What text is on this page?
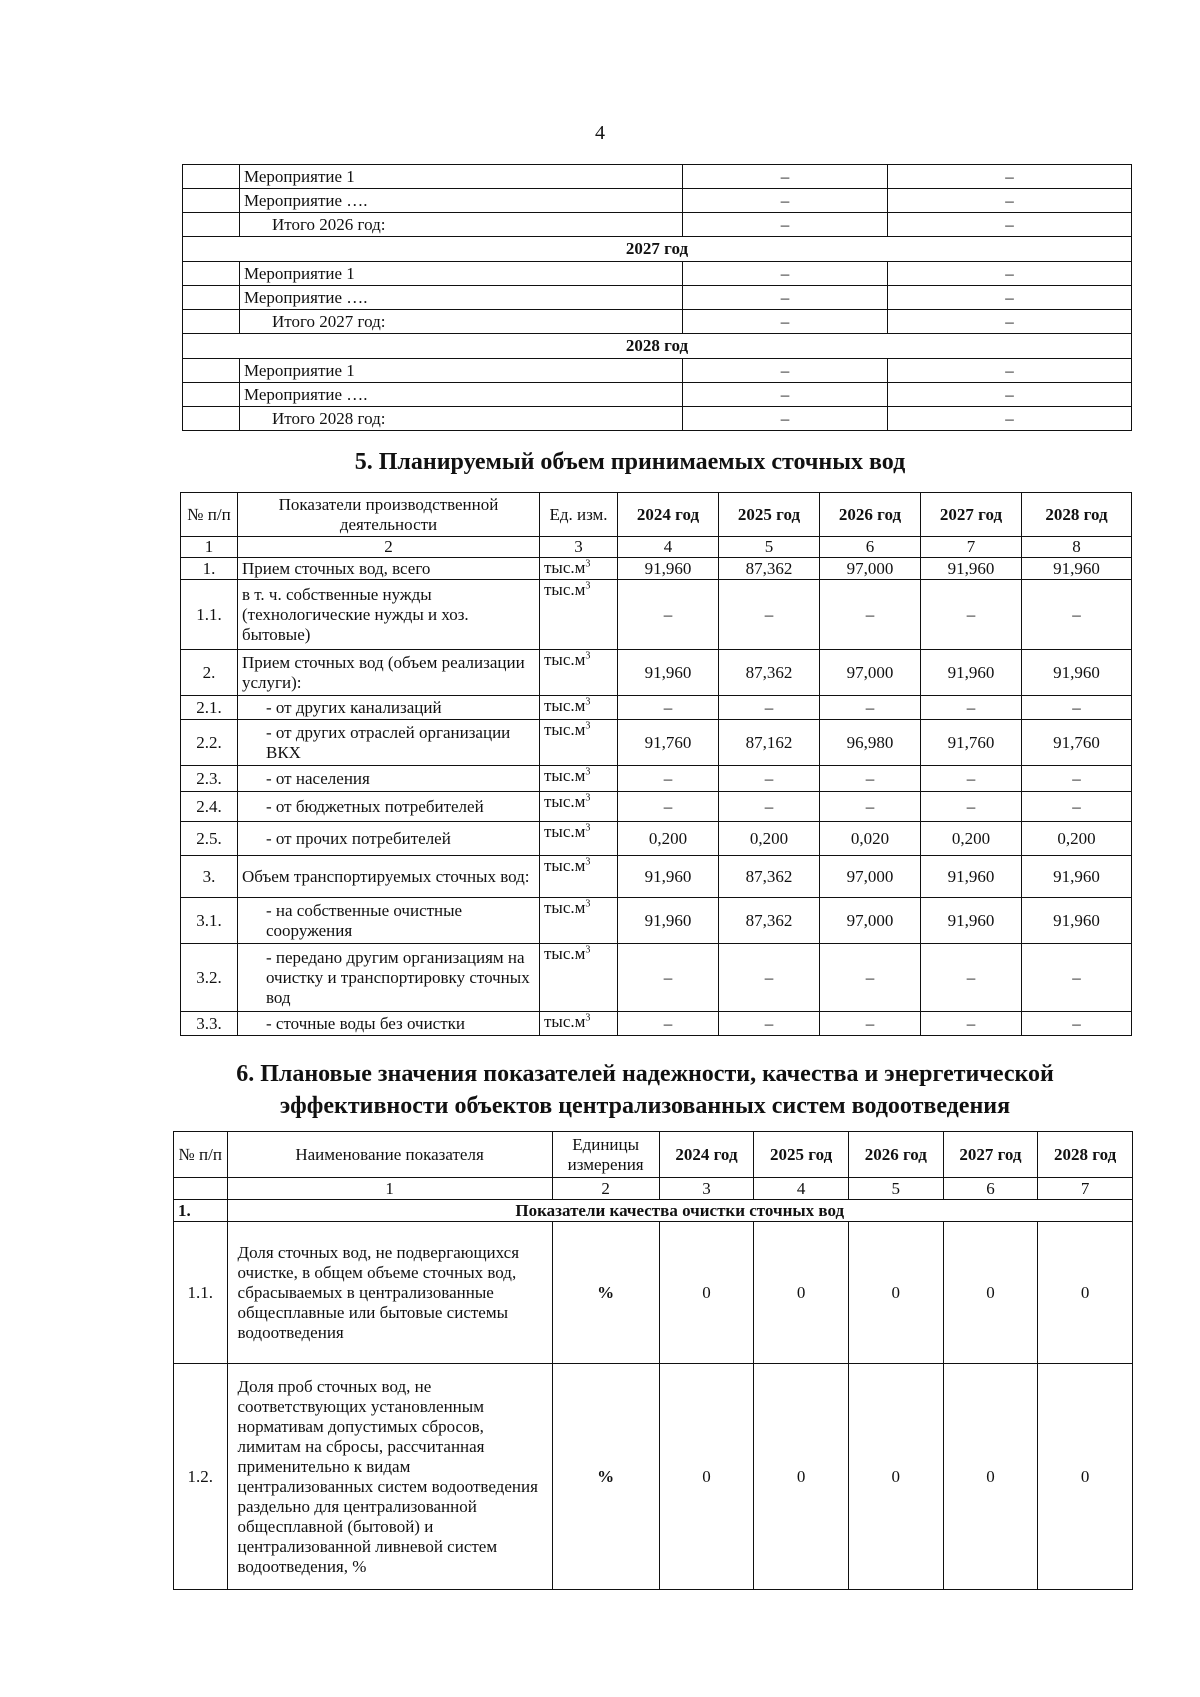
4
	Мероприятие 1	–	–
	Мероприятие ….	–	–
	Итого 2026 год:	–	–
2027 год			
	Мероприятие 1	–	–
	Мероприятие ….	–	–
	Итого 2027 год:	–	–
2028 год			
	Мероприятие 1	–	–
	Мероприятие ….	–	–
	Итого 2028 год:	–	–
5. Планируемый объем принимаемых сточных вод
№ п/п	Показатели производственной деятельности	Ед. изм.	2024 год	2025 год	2026 год	2027 год	2028 год
1	2	3	4	5	6	7	8
1.	Прием сточных вод, всего	$тыс.м^3$	91,960	87,362	97,000	91,960	91,960
1.1.	в т. ч. собственные нужды (технологические нужды и хоз. бытовые)	$тыс.м^3$	–	–	–	–	–
2.	Прием сточных вод (объем реализации услуги):	$тыс.м^3$	91,960	87,362	97,000	91,960	91,960
2.1.	- от других канализаций	$тыс.м^3$	–	–	–	–	–
2.2.	- от других отраслей организации ВКХ	$тыс.м^3$	91,760	87,162	96,980	91,760	91,760
2.3.	- от населения	$тыс.м^3$	–	–	–	–	–
2.4.	- от бюджетных потребителей	$тыс.м^3$	–	–	–	–	–
2.5.	- от прочих потребителей	$тыс.м^3$	0,200	0,200	0,020	0,200	0,200
3.	Объем транспортируемых сточных вод:	$тыс.м^3$	91,960	87,362	97,000	91,960	91,960
3.1.	- на собственные очистные сооружения	$тыс.м^3$	91,960	87,362	97,000	91,960	91,960
3.2.	- передано другим организациям на очистку и транспортировку сточных вод	$тыс.м^3$	–	–	–	–	–
3.3.	- сточные воды без очистки	$тыс.м^3$	–	–	–	–	–
6. Плановые значения показателей надежности, качества и энергетической эффективности объектов централизованных систем водоотведения
№ п/п	Наименование показателя	Единицы измерения	2024 год	2025 год	2026 год	2027 год	2028 год
	1	2	3	4	5	6	7
1.	Показатели качества очистки сточных вод						
1.1.	Доля сточных вод, не подвергающихся очистке, в общем объеме сточных вод, сбрасываемых в централизованные общесплавные или бытовые системы водоотведения	%	0	0	0	0	0
1.2.	Доля проб сточных вод, не соответствующих установленным нормативам допустимых сбросов, лимитам на сбросы, рассчитанная применительно к видам централизованных систем водоотведения раздельно для централизованной общесплавной (бытовой) и централизованной ливневой систем водоотведения, %	%	0	0	0	0	0
